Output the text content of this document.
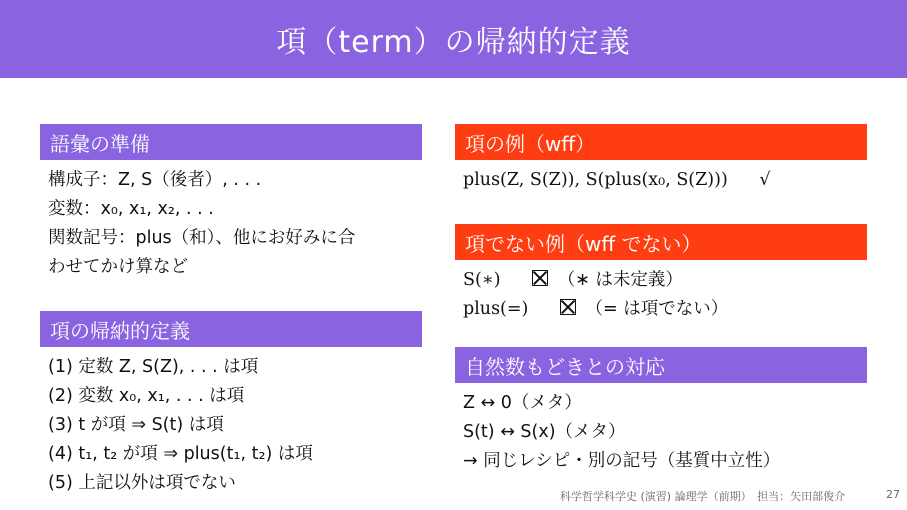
項（term）の帰納的定義
語彙の準備
構成子：Z, S（後者）, . . .
変数：x₀, x₁, x₂, . . .
関数記号：plus（和）、他にお好みに合
わせてかけ算など
項の帰納的定義
(1) 定数 Z, S(Z), . . . は項
(2) 変数 x₀, x₁, . . . は項
(3) t が項 ⇒ S(t) は項
(4) t₁, t₂ が項 ⇒ plus(t₁, t₂) は項
(5) 上記以外は項でない
項の例（wff）
plus(Z, S(Z)), S(plus(x₀, S(Z))) √
項でない例（wff でない）
S(∗)	（∗ は未定義）
plus(=)	（= は項でない）
自然数もどきとの対応
Z ↔ 0（メタ）
S(t) ↔ S(x)（メタ）
→ 同じレシピ・別の記号（基質中立性）
科学哲学科学史 (演習) 論理学（前期）　担当：矢田部俊介	27
